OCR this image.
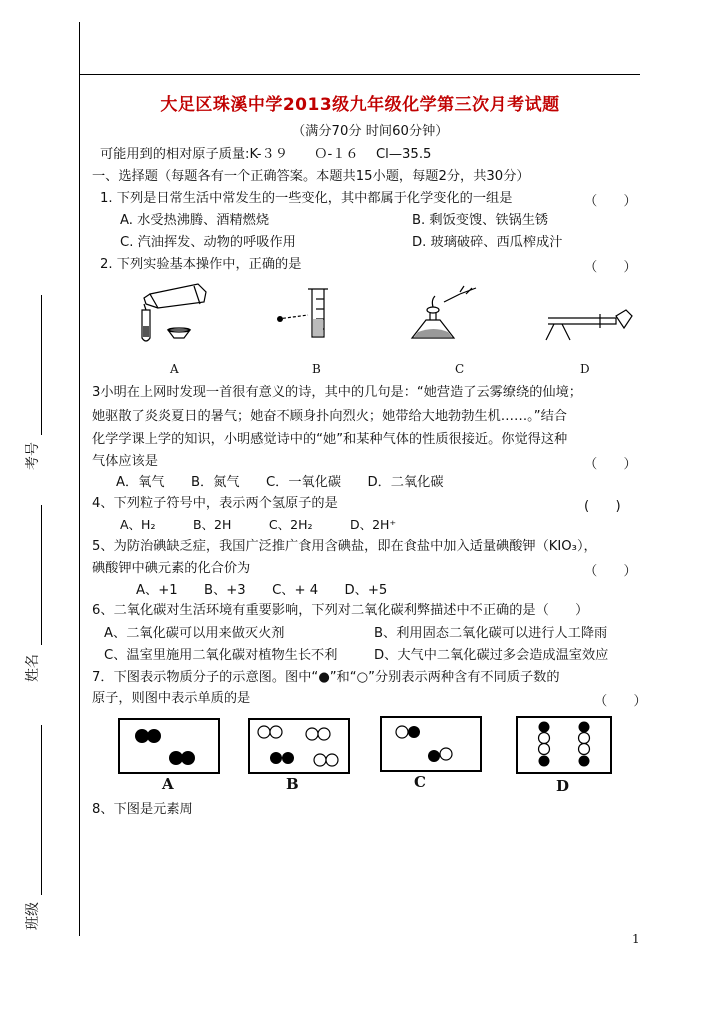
考号
姓名
班级
大足区珠溪中学2013级九年级化学第三次月考试题
（满分70分 时间60分钟）
可能用到的相对原子质量:K-３９　　Ｏ-１６　 Cl—35.5
一、选择题（每题各有一个正确答案。本题共15小题，每题2分，共30分）
1. 下列是日常生活中常发生的一些变化，其中都属于化学变化的一组是	（　　）
A. 水受热沸腾、酒精燃烧	B. 剩饭变馊、铁锅生锈
C. 汽油挥发、动物的呼吸作用	D. 玻璃破碎、西瓜榨成汁
2. 下列实验基本操作中，正确的是	（　　）
A	B	C	D
3小明在上网时发现一首很有意义的诗，其中的几句是：“她营造了云雾缭绕的仙境；
她驱散了炎炎夏日的暑气；她奋不顾身扑向烈火；她带给大地勃勃生机……。”结合
化学学课上学的知识，小明感觉诗中的“她”和某种气体的性质很接近。你觉得这种
气体应该是	（　　）
A．氧气　　B．氮气　　C．一氧化碳　　D．二氧化碳
4、下列粒子符号中，表示两个氢原子的是	(　　)
A、H₂　　　B、2H　　　C、2H₂　　　D、2H⁺
5、为防治碘缺乏症，我国广泛推广食用含碘盐，即在食盐中加入适量碘酸钾（KIO₃），
碘酸钾中碘元素的化合价为	（　　）
A、+1　　B、+3　　C、+ 4　　D、+5
6、二氧化碳对生活环境有重要影响，下列对二氧化碳利弊描述中不正确的是（　　）
A、二氧化碳可以用来做灭火剂	B、利用固态二氧化碳可以进行人工降雨
C、温室里施用二氧化碳对植物生长不利	D、大气中二氧化碳过多会造成温室效应
7．下图表示物质分子的示意图。图中“●”和“○”分别表示两种含有不同质子数的
原子，则图中表示单质的是	（　　）
A	B	C	D
8、下图是元素周
1
